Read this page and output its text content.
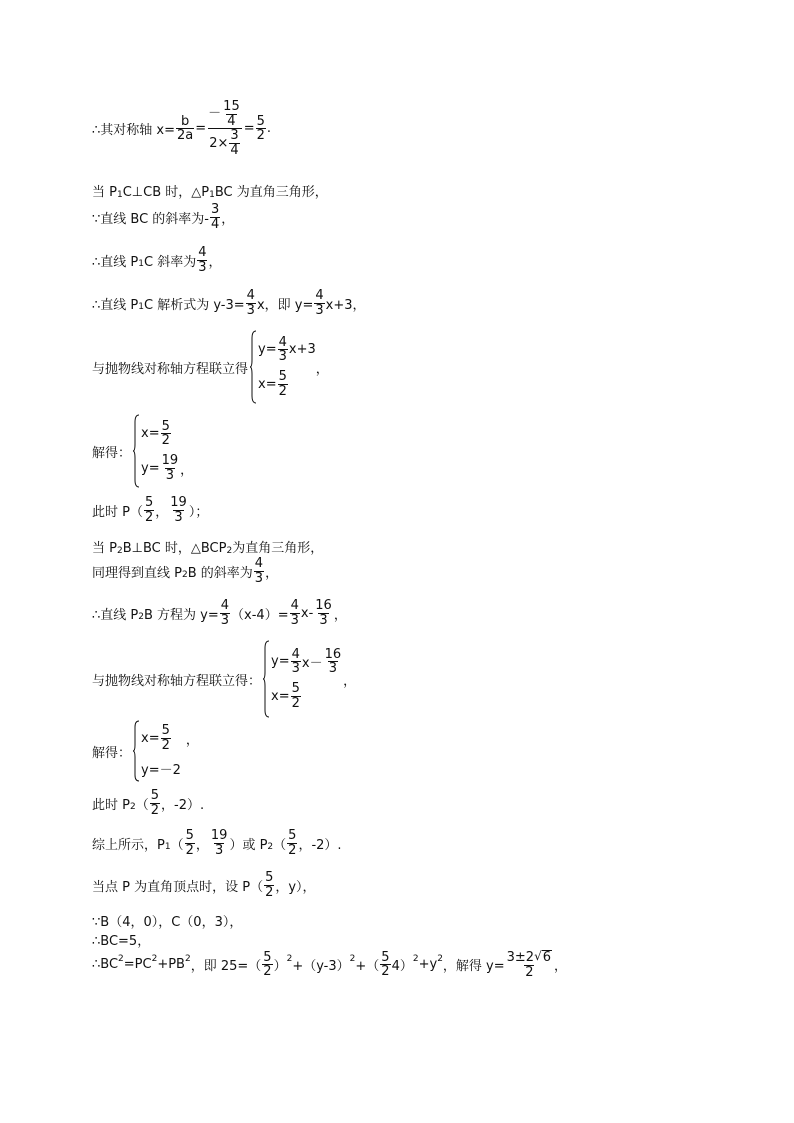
∴其对称轴 $x= \frac{b}{2a} = \frac{- \frac{15}{4}}{2\times \frac{3}{4}} = \frac{5}{2}$ .
当 P 1 C⊥CB 时，△P 1 BC 为直角三角形，
∵直线 BC 的斜率为- $\frac{3}{4}$ ，
∴直线 P 1 C 斜率为 $\frac{4}{3}$ ，
∴直线 P 1 C 解析式为 $y-3= \frac{4}{3}$ x，即 $y= \frac{4}{3} x+3$，
与抛物线对称轴方程联立得
$y= \frac{4}{3} x+3$
$x= \frac{5}{2}$
，
解得：
$x= \frac{5}{2}$
$y= \frac{19}{3}$ ，
此时 $P( \frac{5}{2}$ ， $\frac{19}{3}$ ）；
当 P 2 B⊥BC 时，△BCP 2 为直角三角形，
同理得到直线 P 2 B 的斜率为 $\frac{4}{3}$ ，
∴直线 P 2 B 方程为 $y= \frac{4}{3} (x-4)= \frac{4}{3} x- \frac{16}{3}$ ，
与抛物线对称轴方程联立得：
$y= \frac{4}{3} x- \frac{16}{3}$
$x= \frac{5}{2}$
，
解得：
$x= \frac{5}{2}$ ，
y=－2
此时 P 2 （ $\frac{5}{2}$ ，-2）.
综上所示，P 1 （ $\frac{5}{2}$ ， $\frac{19}{3}$ ）或 P 2 （ $\frac{5}{2}$ ，-2）.
当点 P 为直角顶点时，设 $P( \frac{5}{2}$ ，y），
∵B（4，0），C（0，3），
∴BC=5，
∴BC 2 =PC 2 +PB 2
，即 $25=( \frac{5}{2}$ ）
2
+（y-3）
2
+（ $\frac{5}{2} 4$）
2 +y 2
，解得 $y= \frac{3\pm 2 √ 6}{2}$ ，
